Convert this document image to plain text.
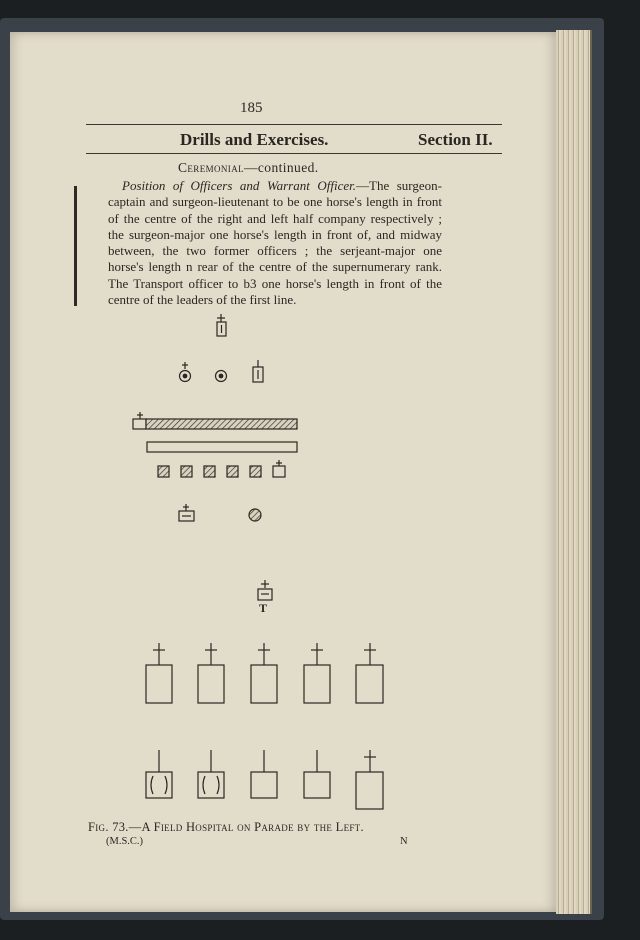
185
Drills and Exercises.	Section II.
Ceremonial—continued.
Position of Officers and Warrant Officer.—The surgeon-captain and surgeon-lieutenant to be one horse's length in front of the centre of the right and left half company respectively ; the surgeon-major one horse's length in front of, and midway between, the two former officers ; the serjeant-major one horse's length n rear of the centre of the supernumerary rank. The Transport officer to b3 one horse's length in front of the centre of the leaders of the first line.
T
Fig. 73.—A Field Hospital on Parade by the Left.
(M.S.C.)	N
